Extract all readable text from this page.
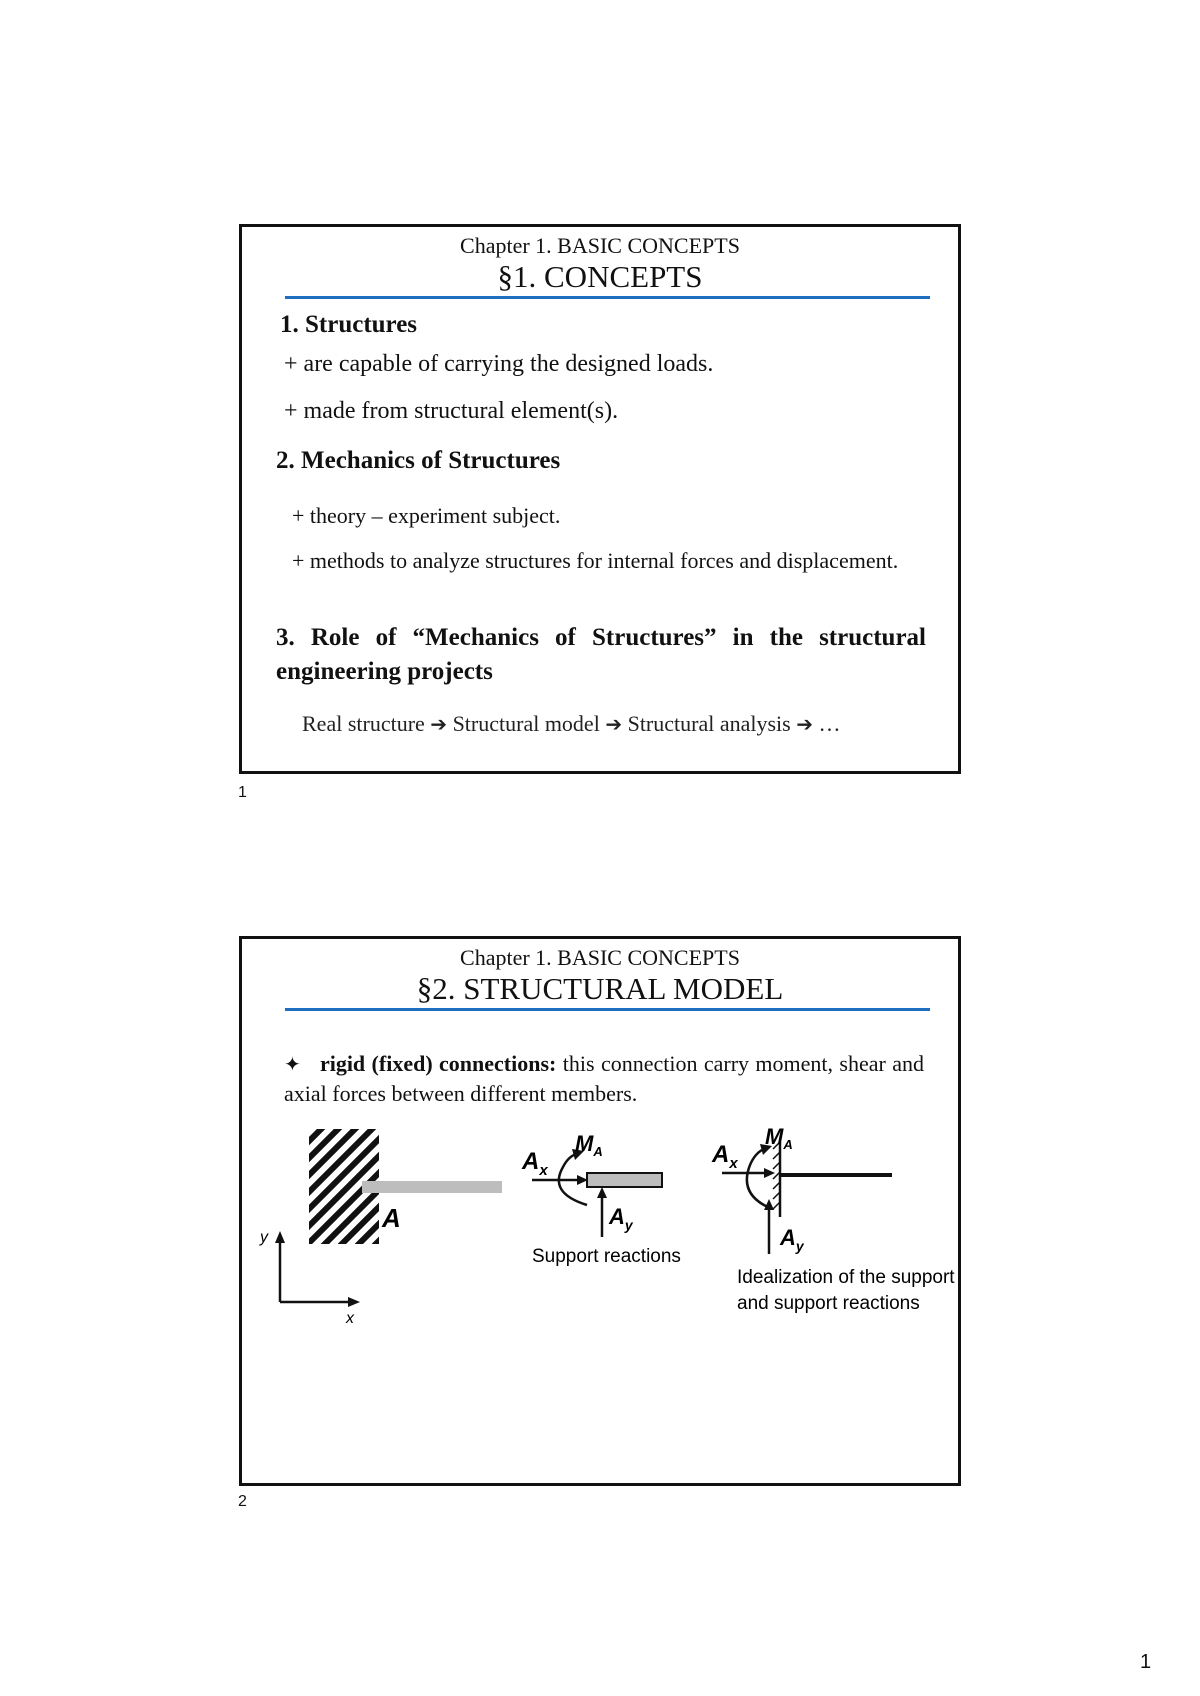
Chapter 1. BASIC CONCEPTS
§1. CONCEPTS
1. Structures
+ are capable of carrying the designed loads.
+ made from structural element(s).
2. Mechanics of Structures
+ theory – experiment subject.
+ methods to analyze structures for internal forces and displacement.
3. Role of “Mechanics of Structures” in the structural engineering projects
Real structure ➔ Structural model ➔ Structural analysis ➔ …
1
Chapter 1. BASIC CONCEPTS
§2. STRUCTURAL MODEL
✦ rigid (fixed) connections: this connection carry moment, shear and axial forces between different members.
A
y
x
$A_x$
$M_A$
$A_y$
Support reactions
$A_x$
$M_A$
$A_y$
Idealization of the support
and support reactions
2
1
